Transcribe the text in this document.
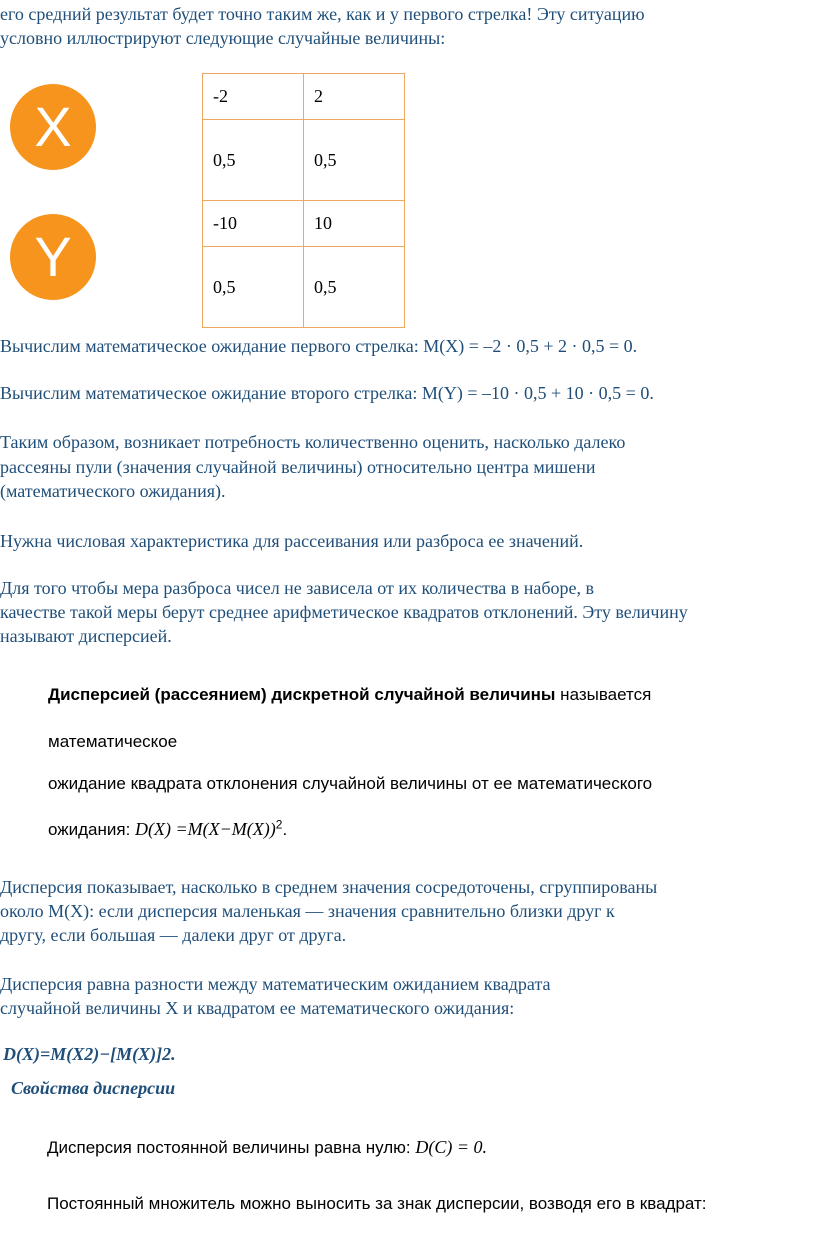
его средний результат будет точно таким же, как и у первого стрелка! Эту ситуацию

условно иллюстрируют следующие случайные величины:

X
Y
-2	2
0,5	0,5
-10	10
0,5	0,5

Вычислим математическое ожидание первого стрелка: M(X) = –2 · 0,5 + 2 · 0,5 = 0.

Вычислим математическое ожидание второго стрелка: M(Y) = –10 · 0,5 + 10 · 0,5 = 0.

Таким образом, возникает потребность количественно оценить, насколько далеко

рассеяны пули (значения случайной величины) относительно центра мишени

(математического ожидания).

Нужна числовая характеристика для рассеивания или разброса ее значений.

Для того чтобы мера разброса чисел не зависела от их количества в наборе, в

качестве такой меры берут среднее арифметическое квадратов отклонений. Эту величину

называют дисперсией.

Дисперсией (рассеянием) дискретной случайной величины называется

математическое

ожидание квадрата отклонения случайной величины от ее математического

ожидания: $D(X) =M(X-M(X))^2$.

Дисперсия показывает, насколько в среднем значения сосредоточены, сгруппированы

около M(X): если дисперсия маленькая — значения сравнительно близки друг к

другу, если большая — далеки друг от друга.

Дисперсия равна разности между математическим ожиданием квадрата

случайной величины X и квадратом ее математического ожидания:

D(X)=M(X2)−[M(X)]2.
Свойства дисперсии

Дисперсия постоянной величины равна нулю: D(C) = 0.

Постоянный множитель можно выносить за знак дисперсии, возводя его в квадрат:
